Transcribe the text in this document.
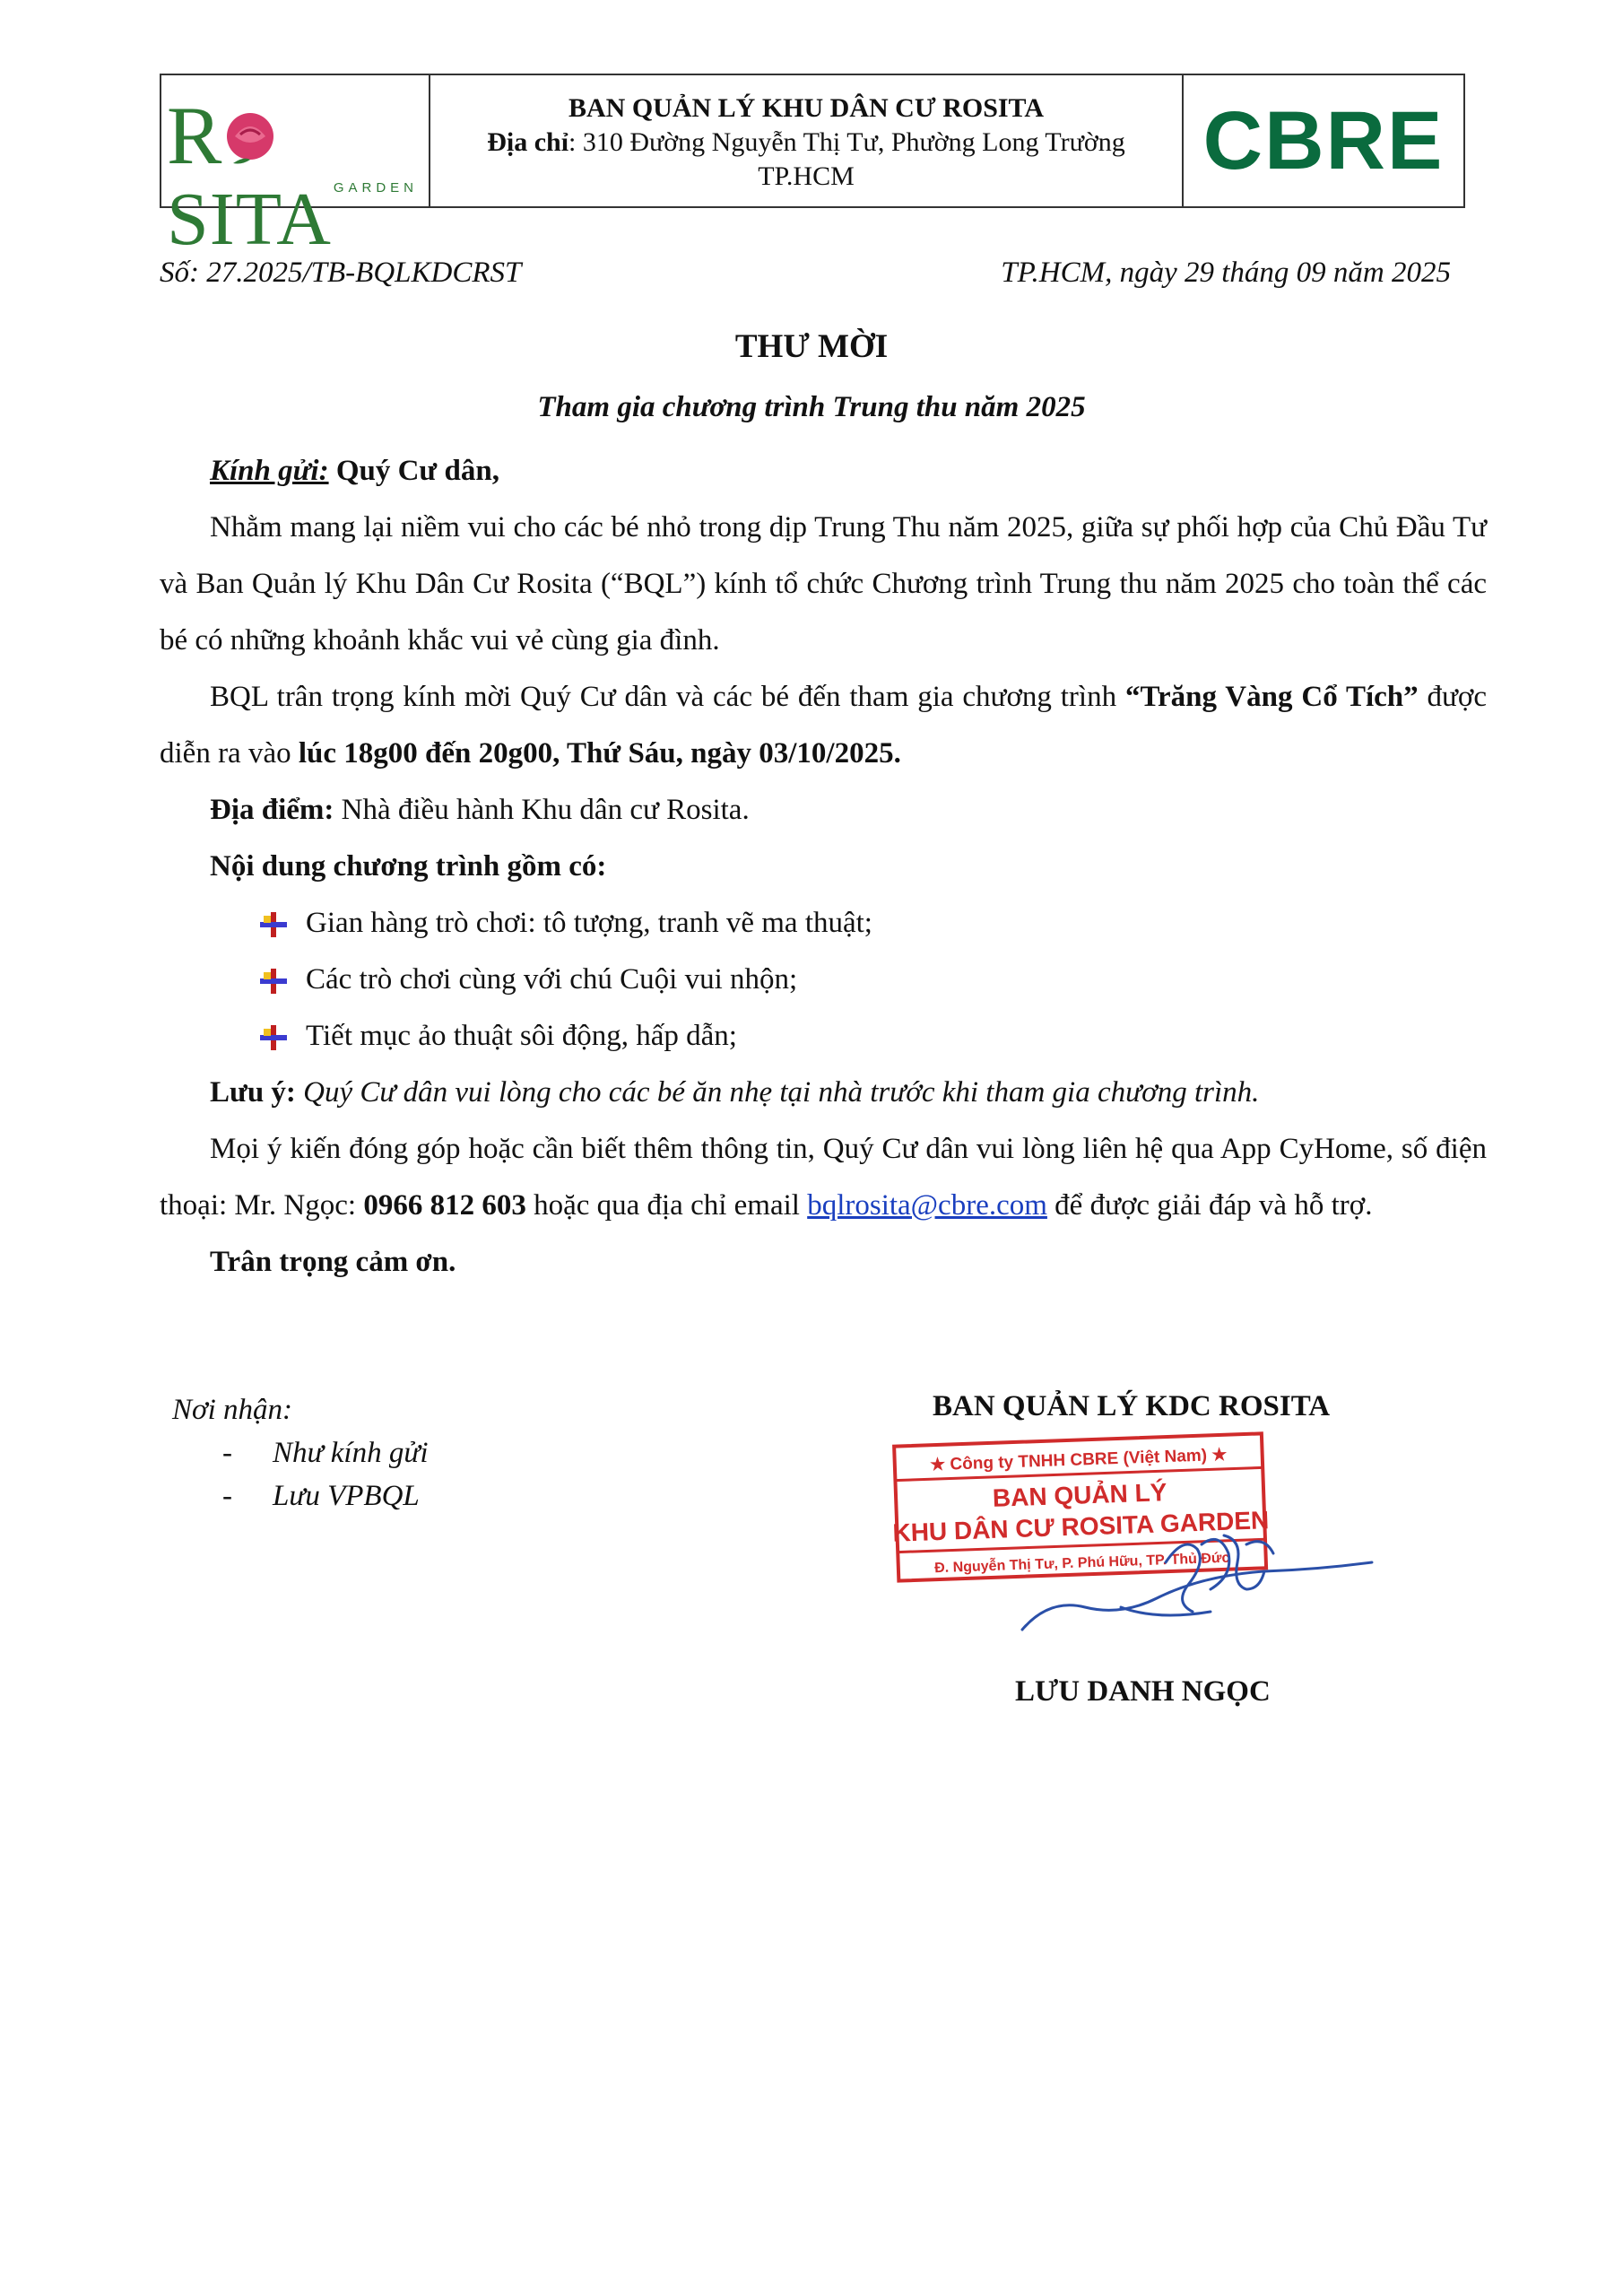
RSITA GARDEN
BAN QUẢN LÝ KHU DÂN CƯ ROSITA
Địa chỉ: 310 Đường Nguyễn Thị Tư, Phường Long Trường
TP.HCM	CBRE
Số: 27.2025/TB-BQLKDCRST	TP.HCM, ngày 29 tháng 09 năm 2025
THƯ MỜI
Tham gia chương trình Trung thu năm 2025

Kính gửi: Quý Cư dân,

Nhằm mang lại niềm vui cho các bé nhỏ trong dịp Trung Thu năm 2025, giữa sự phối hợp của Chủ Đầu Tư và Ban Quản lý Khu Dân Cư Rosita (“BQL”) kính tổ chức Chương trình Trung thu năm 2025 cho toàn thể các bé có những khoảnh khắc vui vẻ cùng gia đình.

BQL trân trọng kính mời Quý Cư dân và các bé đến tham gia chương trình “Trăng Vàng Cổ Tích” được diễn ra vào lúc 18g00 đến 20g00, Thứ Sáu, ngày 03/10/2025.

Địa điểm: Nhà điều hành Khu dân cư Rosita.

Nội dung chương trình gồm có:

Gian hàng trò chơi: tô tượng, tranh vẽ ma thuật;
Các trò chơi cùng với chú Cuội vui nhộn;
Tiết mục ảo thuật sôi động, hấp dẫn;

Lưu ý: Quý Cư dân vui lòng cho các bé ăn nhẹ tại nhà trước khi tham gia chương trình.

Mọi ý kiến đóng góp hoặc cần biết thêm thông tin, Quý Cư dân vui lòng liên hệ qua App CyHome, số điện thoại: Mr. Ngọc: 0966 812 603 hoặc qua địa chỉ email bqlrosita@cbre.com để được giải đáp và hỗ trợ.

Trân trọng cảm ơn.

Nơi nhận:
- Như kính gửi
- Lưu VPBQL
BAN QUẢN LÝ KDC ROSITA
★ Công ty TNHH CBRE (Việt Nam) ★
BAN QUẢN LÝ
KHU DÂN CƯ ROSITA GARDEN
Đ. Nguyễn Thị Tư, P. Phú Hữu, TP. Thủ Đức
LƯU DANH NGỌC
